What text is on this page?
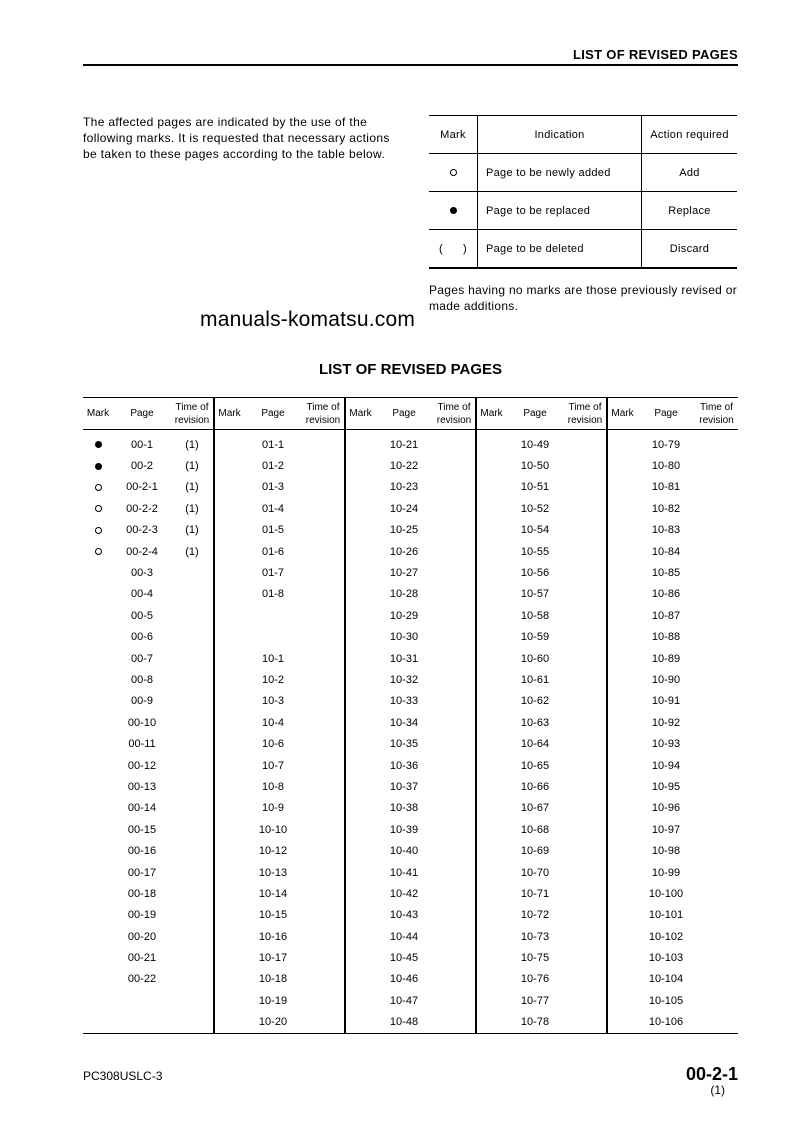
LIST OF REVISED PAGES
The affected pages are indicated by the use of the following marks. It is requested that necessary actions be taken to these pages according to the table below.
Mark	Indication	Action required
	Page to be newly added	Add
	Page to be replaced	Replace
(      )	Page to be deleted	Discard
Pages having no marks are those previously revised or made additions.
manuals-komatsu.com
LIST OF REVISED PAGES
Mark	Page	Time of
revision	Mark	Page	Time of
revision	Mark	Page	Time of
revision	Mark	Page	Time of
revision	Mark	Page	Time of
revision
	00-1	(1)		01-1			10-21			10-49			10-79	
	00-2	(1)		01-2			10-22			10-50			10-80	
	00-2-1	(1)		01-3			10-23			10-51			10-81	
	00-2-2	(1)		01-4			10-24			10-52			10-82	
	00-2-3	(1)		01-5			10-25			10-54			10-83	
	00-2-4	(1)		01-6			10-26			10-55			10-84	
	00-3			01-7			10-27			10-56			10-85	
	00-4			01-8			10-28			10-57			10-86	
	00-5						10-29			10-58			10-87	
	00-6						10-30			10-59			10-88	
	00-7			10-1			10-31			10-60			10-89	
	00-8			10-2			10-32			10-61			10-90	
	00-9			10-3			10-33			10-62			10-91	
	00-10			10-4			10-34			10-63			10-92	
	00-11			10-6			10-35			10-64			10-93	
	00-12			10-7			10-36			10-65			10-94	
	00-13			10-8			10-37			10-66			10-95	
	00-14			10-9			10-38			10-67			10-96	
	00-15			10-10			10-39			10-68			10-97	
	00-16			10-12			10-40			10-69			10-98	
	00-17			10-13			10-41			10-70			10-99	
	00-18			10-14			10-42			10-71			10-100	
	00-19			10-15			10-43			10-72			10-101	
	00-20			10-16			10-44			10-73			10-102	
	00-21			10-17			10-45			10-75			10-103	
	00-22			10-18			10-46			10-76			10-104	
				10-19			10-47			10-77			10-105	
				10-20			10-48			10-78			10-106	
PC308USLC-3	00-2-1
(1)
